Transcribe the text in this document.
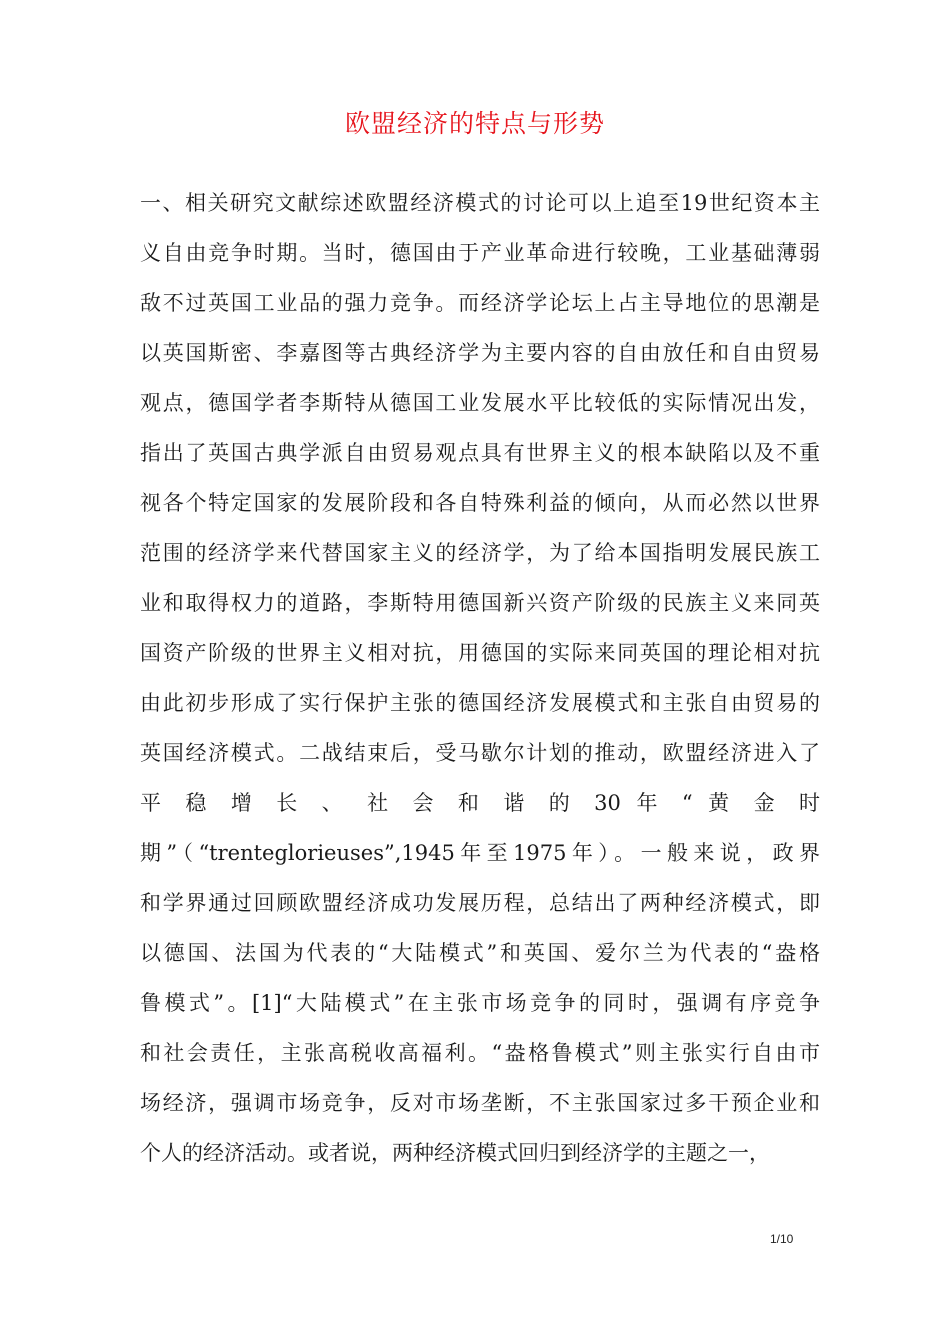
欧盟经济的特点与形势
一、相关研究文献综述欧盟经济模式的讨论可以上追至19世纪资本主
义自由竞争时期。当时，德国由于产业革命进行较晚，工业基础薄弱
敌不过英国工业品的强力竞争。而经济学论坛上占主导地位的思潮是
以英国斯密、李嘉图等古典经济学为主要内容的自由放任和自由贸易
观点，德国学者李斯特从德国工业发展水平比较低的实际情况出发，
指出了英国古典学派自由贸易观点具有世界主义的根本缺陷以及不重
视各个特定国家的发展阶段和各自特殊利益的倾向，从而必然以世界
范围的经济学来代替国家主义的经济学，为了给本国指明发展民族工
业和取得权力的道路，李斯特用德国新兴资产阶级的民族主义来同英
国资产阶级的世界主义相对抗，用德国的实际来同英国的理论相对抗
由此初步形成了实行保护主张的德国经济发展模式和主张自由贸易的
英国经济模式。二战结束后，受马歇尔计划的推动，欧盟经济进入了
平 稳 增 长 、 社 会 和 谐 的 30 年 “ 黄 金 时
期”（“trenteglorieuses”,1945年至1975年）。一般来说，政界
和学界通过回顾欧盟经济成功发展历程，总结出了两种经济模式，即
以德国、法国为代表的“大陆模式”和英国、爱尔兰为代表的“盎格
鲁模式”。[1]“大陆模式”在主张市场竞争的同时，强调有序竞争
和社会责任，主张高税收高福利。“盎格鲁模式”则主张实行自由市
场经济，强调市场竞争，反对市场垄断，不主张国家过多干预企业和
个人的经济活动。或者说，两种经济模式回归到经济学的主题之一，
1/10
